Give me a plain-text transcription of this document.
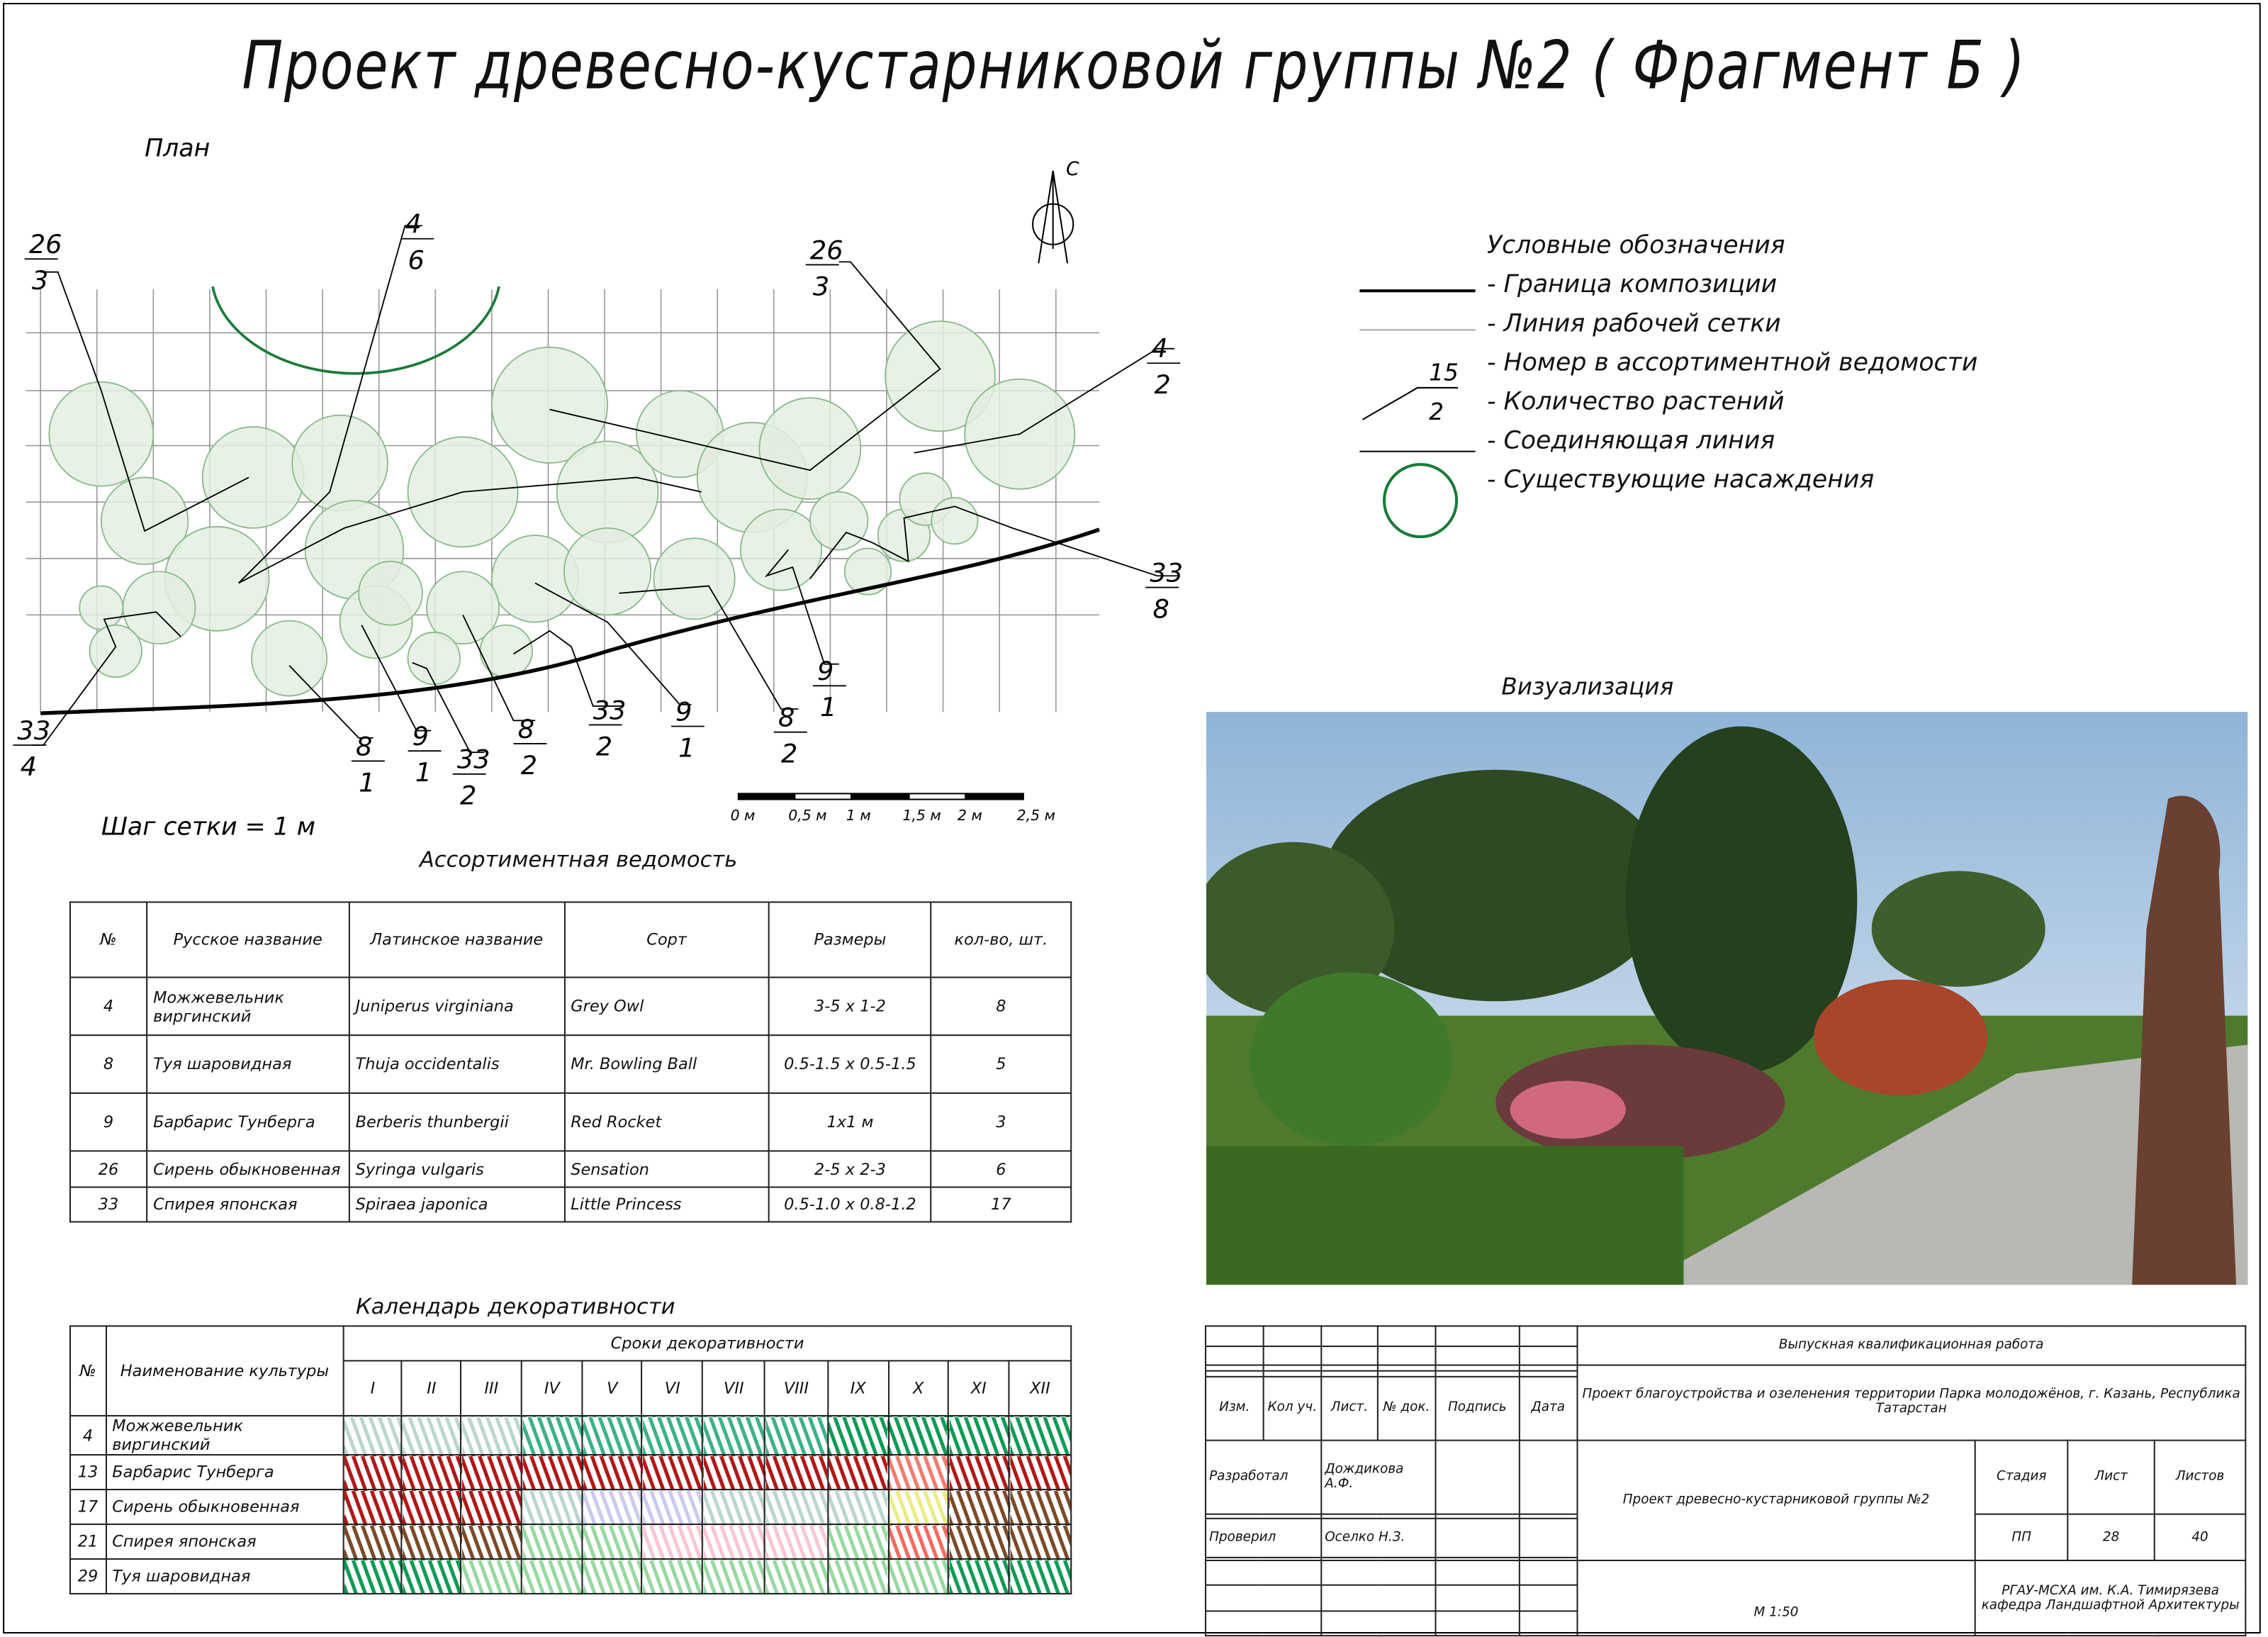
Проект древесно-кустарниковой группы №2 ( Фрагмент Б )
26
3
4
6	26
3
4
2
33
8
9
1
8
2
9
1
33
2
8
2
33
2
9
1
8
1
33
4
С
План
Шаг сетки = 1 м	0 м	0,5 м	1 м	1,5 м 2 м	2,5 м
Условные обозначения
- Граница композиции
- Линия рабочей сетки
- Номер в ассортиментной ведомости
- Количество растений
- Соединяющая линия
- Существующие насаждения
15
2
Визуализация
Ассортиментная ведомость
№	Русское название	Латинское название	Сорт	Размеры	кол-во, шт.
4	Можжевельник виргинский	Juniperus virginiana	Grey Owl	3-5 x 1-2	8
8	Туя шаровидная	Thuja occidentalis	Mr. Bowling Ball	0.5-1.5 x 0.5-1.5	5
9	Барбарис Тунберга	Berberis thunbergii	Red Rocket	1x1 м	3
26	Сирень обыкновенная	Syringa vulgaris	Sensation	2-5 x 2-3	6
33	Спирея японская	Spiraea japonica	Little Princess	0.5-1.0 x 0.8-1.2	17
Календарь декоративности
№	Наименование культуры	Сроки декоративности											
		I	II	III	IV	V	VI	VII	VIII	IX	X	XI	XII
4	Можжевельник виргинский												
13	Барбарис Тунберга												
17	Сирень обыкновенная												
21	Спирея японская												
29	Туя шаровидная												
						Выпускная квалификационная работа			

						Проект благоустройства и озеленения территории Парка молодожёнов, г. Казань, Республика Татарстан			

Изм.	Кол уч.	Лист.	№ док.	Подпись	Дата				
Разработал		Дождикова А.Ф.				Проект древесно-кустарниковой группы №2	Стадия	Лист	Листов
							ПП	28	40
Проверил		Оселко Н.З.							

						М 1:50	РГАУ-МСХА им. К.А. Тимирязева
кафедра Ландшафтной Архитектуры		
